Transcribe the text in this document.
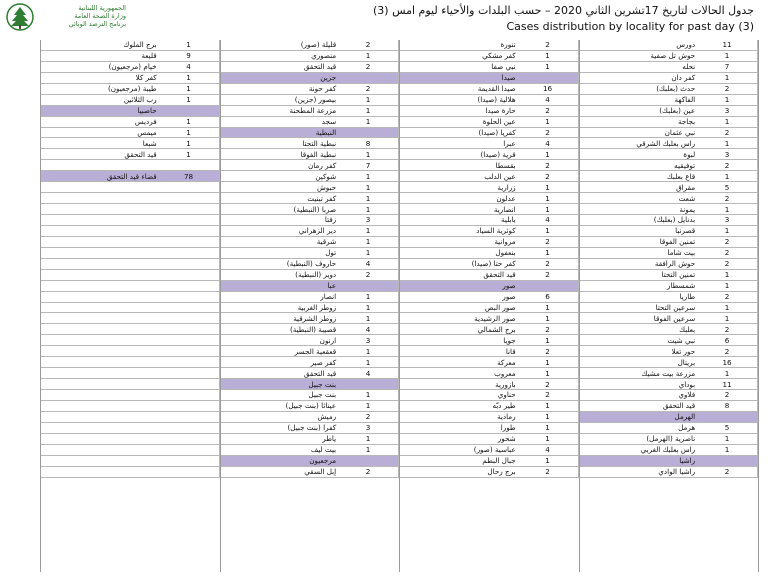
الجمهورية اللبنانية
وزارة الصحة العامة
برنامج الترصد الوبائي
جدول الحالات لتاريخ 17تشرين الثاني 2020 – حسب البلدات والأحياء ليوم امس (3)
Cases distribution by locality for past day (3)
دورس	11
حوش تل صفية	1
نحله	7
كفر دان	1
حدث (بعلبك)	2
الفاكهة	1
عين (بعلبك)	3
بجاجة	1
نبي عثمان	2
راس بعلبك الشرقي	1
لبوة	3
توفيقيه	2
قاع بعلبك	1
مقراق	5
شعت	2
يمونة	1
بدنايل (بعلبك)	3
قصرنبا	1
تمنين الفوقا	2
بيت شاما	2
حوش الرافقة	2
تمنين التحتا	1
شمسطار	1
طاريا	2
سرعين التحتا	1
سرعين الفوقا	1
بعلبك	2
نبي شيت	6
حور تعلا	2
بريتال	16
مزرعة بيت مشيك	1
بوداي	11
فلاوي	2
قيد التحقق	8
الهرمل	
هرمل	5
ناصرية (الهرمل)	1
راس بعلبك الغربي	1
راشيا	
راشيا الوادي	2
تنورة	2
كفر مشكي	1
نبي صفا	1
صيدا	
صيدا القديمة	16
هلالية (صيدا)	4
حارة صيدا	2
عين الحلوة	1
كفريا (صيدا)	2
عبرا	4
قرية (صيدا)	1
بقسطا	2
عين الدلب	2
زرارية	1
عدلون	1
انصارية	1
بابلية	4
كوثرية السياد	1
مروانية	2
بنعفول	1
كفر حتا (صيدا)	2
قيد التحقق	2
صور	
صور	6
صور البص	1
صور الرشيدية	1
برج الشمالي	2
جويا	1
قانا	2
معركة	1
معروب	1
بازورية	2
حناوي	2
طير دبّه	1
رمادية	1
طورا	1
شحور	1
عباسية (صور)	4
جبال البطم	1
برج رحال	2
قليلة (صور)	2
منصوري	1
قيد التحقق	2
جزين	
كفر حونة	2
بيصور (جزين)	1
مزرعة المطحنة	1
سجد	1
النبطية	
نبطية التحتا	8
نبطية الفوقا	1
كفر رمان	7
شوكين	1
حبوش	1
كفر تبنيت	1
صربا (النبطية)	1
زفتا	3
دير الزهراني	1
شرقية	1
تول	1
حاروف (النبطية)	4
دوير (النبطية)	2
عبا	
انصار	1
زوطر الغربية	1
زوطر الشرقية	1
قصيبة (النبطية)	4
ارنون	3
قعقعية الجسر	1
كفر صير	1
قيد التحقق	4
بنت جبيل	
بنت جبيل	1
عيناثا (بنت جبيل)	1
رميش	2
كفرا (بنت جبيل)	3
ياطر	1
بيت ليف	1
مرجعيون	
إبل السقي	2
برج الملوك	1
قليعة	9
خيام (مرجعيون)	4
كفر كلا	1
طيبة (مرجعيون)	1
رب الثلاثين	1
حاصبيا	
فرديس	1
ميمس	1
شبعا	1
قيد التحقق	1

قضاء قيد التحقق	78
